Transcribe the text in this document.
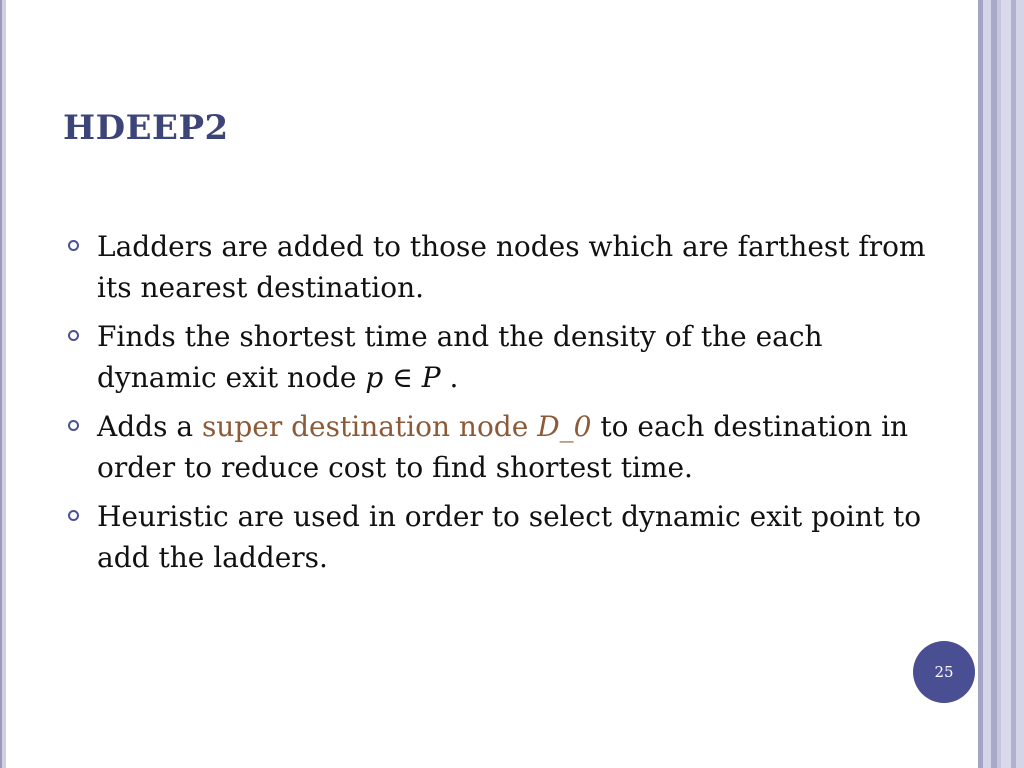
HDEEP2
Ladders are added to those nodes which are farthest from its nearest destination.
Finds the shortest time and the density of the each dynamic exit node p ∈ P .
Adds a super destination node D_0 to each destination in order to reduce cost to find shortest time.
Heuristic are used in order to select dynamic exit point to add the ladders.
25
